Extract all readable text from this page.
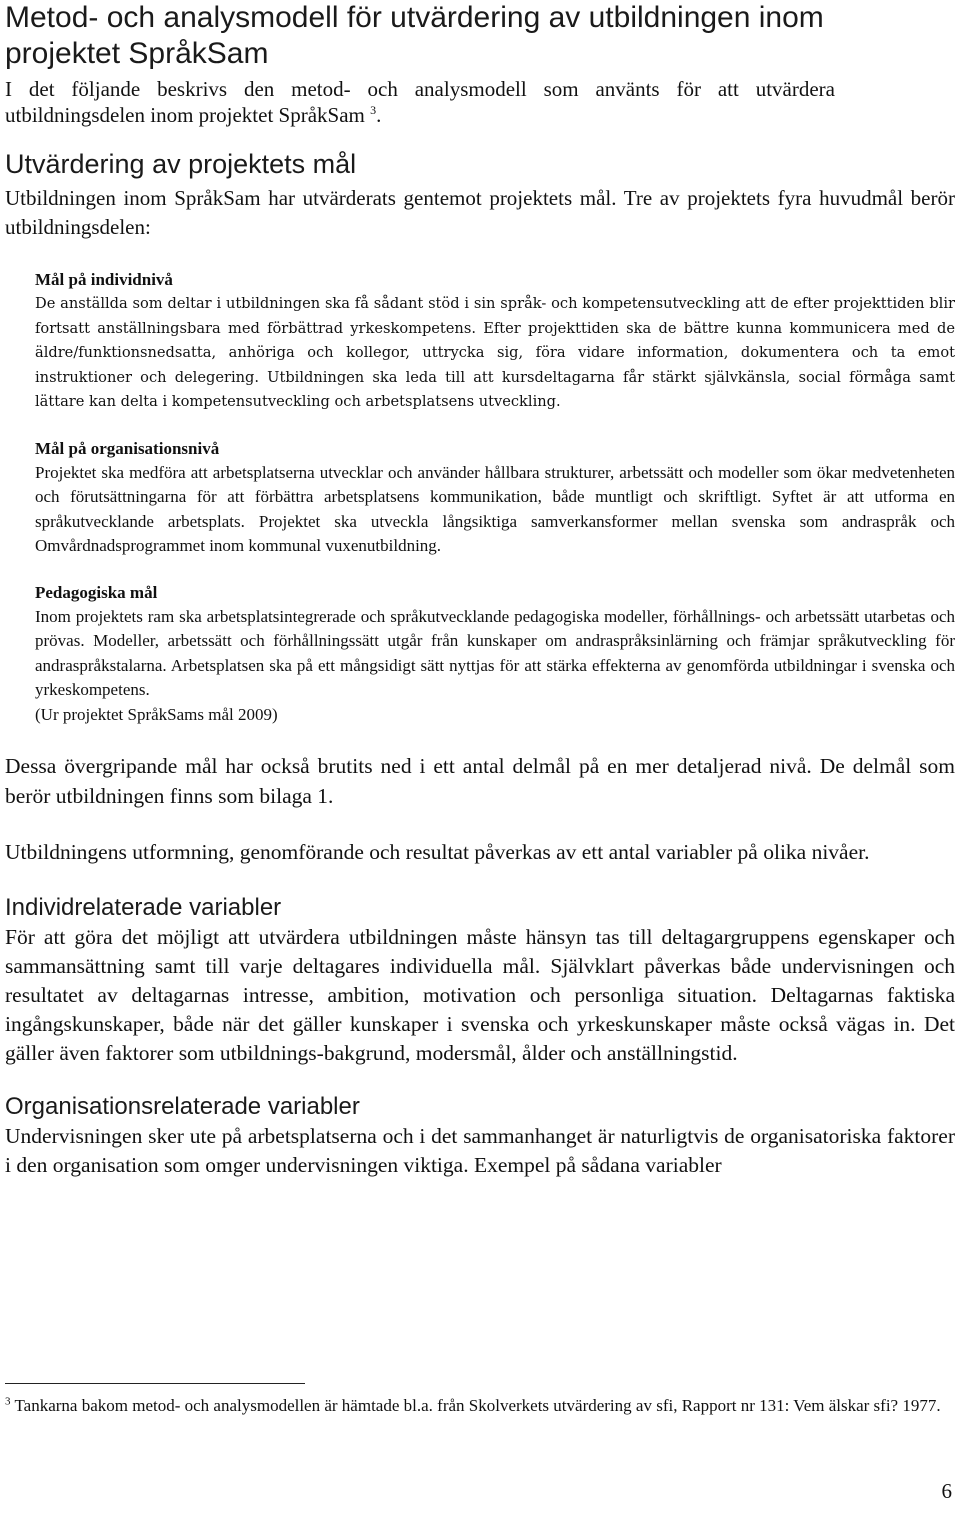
Metod- och analysmodell för utvärdering av utbildningen inom projektet SpråkSam

I det följande beskrivs den metod- och analysmodell som använts för att utvärdera utbildningsdelen inom projektet SpråkSam $^3$.

Utvärdering av projektets mål

Utbildningen inom SpråkSam har utvärderats gentemot projektets mål. Tre av projektets fyra huvudmål berör utbildningsdelen:

Mål på individnivå

De anställda som deltar i utbildningen ska få sådant stöd i sin språk- och kompetensutveckling att de efter projekttiden blir fortsatt anställningsbara med förbättrad yrkeskompetens. Efter projekttiden ska de bättre kunna kommunicera med de äldre/funktionsnedsatta, anhöriga och kollegor, uttrycka sig, föra vidare information, dokumentera och ta emot instruktioner och delegering. Utbildningen ska leda till att kursdeltagarna får stärkt självkänsla, social förmåga samt lättare kan delta i kompetensutveckling och arbetsplatsens utveckling.

Mål på organisationsnivå

Projektet ska medföra att arbetsplatserna utvecklar och använder hållbara strukturer, arbetssätt och modeller som ökar medvetenheten och förutsättningarna för att förbättra arbetsplatsens kommunikation, både muntligt och skriftligt. Syftet är att utforma en språkutvecklande arbetsplats. Projektet ska utveckla långsiktiga samverkansformer mellan svenska som andraspråk och Omvårdnadsprogrammet inom kommunal vuxenutbildning.

Pedagogiska mål

Inom projektets ram ska arbetsplatsintegrerade och språkutvecklande pedagogiska modeller, förhållnings- och arbetssätt utarbetas och prövas. Modeller, arbetssätt och förhållningssätt utgår från kunskaper om andraspråksinlärning och främjar språkutveckling för andraspråkstalarna. Arbetsplatsen ska på ett mångsidigt sätt nyttjas för att stärka effekterna av genomförda utbildningar i svenska och yrkeskompetens.

(Ur projektet SpråkSams mål 2009)

Dessa övergripande mål har också brutits ned i ett antal delmål på en mer detaljerad nivå. De delmål som berör utbildningen finns som bilaga 1.

Utbildningens utformning, genomförande och resultat påverkas av ett antal variabler på olika nivåer.

Individrelaterade variabler

För att göra det möjligt att utvärdera utbildningen måste hänsyn tas till deltagargruppens egenskaper och sammansättning samt till varje deltagares individuella mål. Självklart påverkas både undervisningen och resultatet av deltagarnas intresse, ambition, motivation och personliga situation. Deltagarnas faktiska ingångskunskaper, både när det gäller kunskaper i svenska och yrkeskunskaper måste också vägas in. Det gäller även faktorer som utbildnings-bakgrund, modersmål, ålder och anställningstid.

Organisationsrelaterade variabler

Undervisningen sker ute på arbetsplatserna och i det sammanhanget är naturligtvis de organisatoriska faktorer i den organisation som omger undervisningen viktiga. Exempel på sådana variabler

$^3$ Tankarna bakom metod- och analysmodellen är hämtade bl.a. från Skolverkets utvärdering av sfi, Rapport nr 131: Vem älskar sfi? 1977.

6
